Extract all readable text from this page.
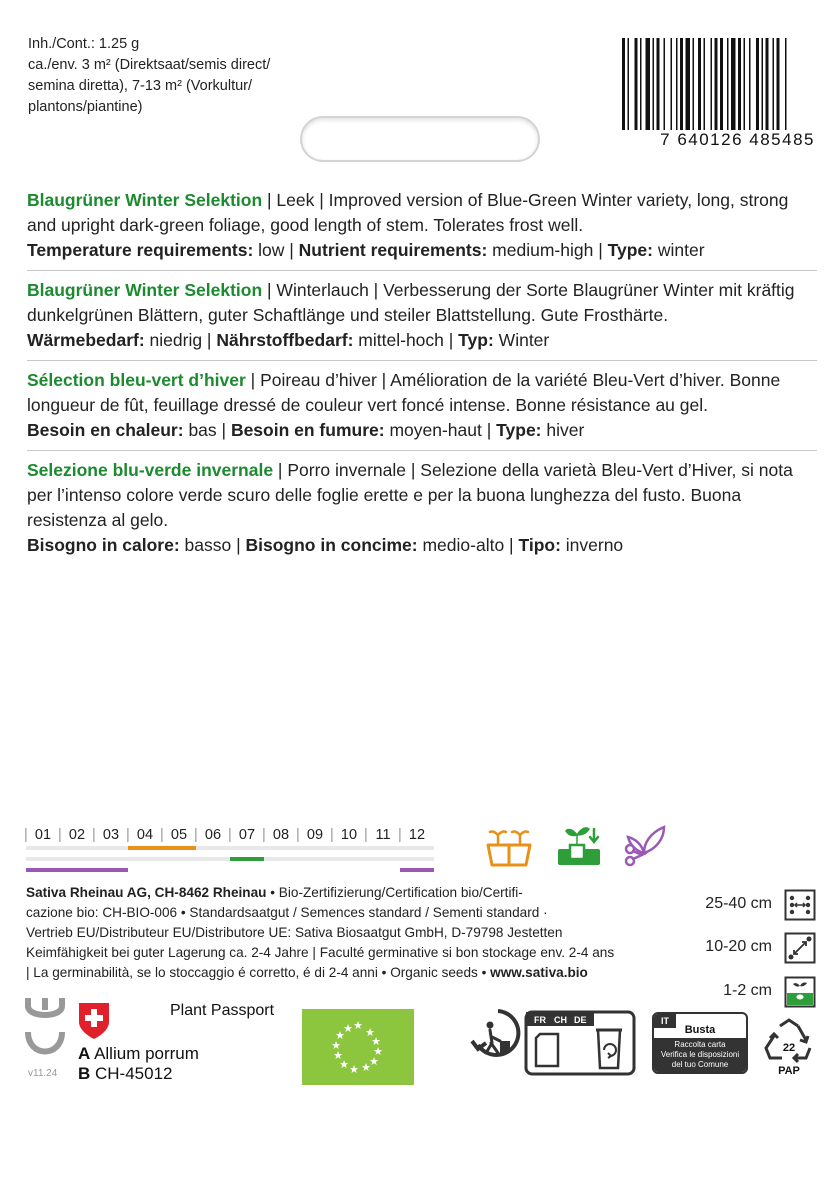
Inh./Cont.: 1.25 g
ca./env. 3 m² (Direktsaat/semis direct/
semina diretta), 7-13 m² (Vorkultur/
plantons/piantine)
7 640126 485485
Blaugrüner Winter Selektion | Leek | Improved version of Blue-Green Winter variety, long, strong and upright dark-green foliage, good length of stem. Tolerates frost well.
Temperature requirements: low | Nutrient requirements: medium-high | Type: winter
Blaugrüner Winter Selektion | Winterlauch | Verbesserung der Sorte Blaugrüner Winter mit kräftig dunkelgrünen Blättern, guter Schaftlänge und steiler Blattstellung. Gute Frosthärte.
Wärmebedarf: niedrig | Nährstoffbedarf: mittel-hoch | Typ: Winter
Sélection bleu-vert d’hiver | Poireau d’hiver | Amélioration de la variété Bleu-Vert d’hiver. Bonne longueur de fût, feuillage dressé de couleur vert foncé intense. Bonne résistance au gel.
Besoin en chaleur: bas | Besoin en fumure: moyen-haut | Type: hiver
Selezione blu-verde invernale | Porro invernale | Selezione della varietà Bleu-Vert d’Hiver, si nota per l’intenso colore verde scuro delle foglie erette e per la buona lunghezza del fusto. Buona resistenza al gelo.
Bisogno in calore: basso | Bisogno in concime: medio-alto | Tipo: inverno
| 01	| 02	| 03	| 04	| 05	| 06	| 07	| 08	| 09	| 10	| 11	| 12
Sativa Rheinau AG, CH-8462 Rheinau • Bio-Zertifizierung/Certification bio/Certifi-
cazione bio: CH-BIO-006 • Standardsaatgut / Semences standard / Sementi standard ·
Vertrieb EU/Distributeur EU/Distributore UE: Sativa Biosaatgut GmbH, D-79798 Jestetten
Keimfähigkeit bei guter Lagerung ca. 2-4 Jahre | Faculté germinative si bon stockage env. 2-4 ans
| La germinabilità, se lo stoccaggio é corretto, é di 2-4 anni • Organic seeds • www.sativa.bio
25-40 cm
10-20 cm
1-2 cm
v11.24
Plant Passport
A Allium porrum
B CH-45012
★
★
★
★
★
★ ★ ★
★
★
★
★
FR CH DE	IT
Busta
Raccolta carta
Verifica le disposizioni
del tuo Comune
22
PAP
